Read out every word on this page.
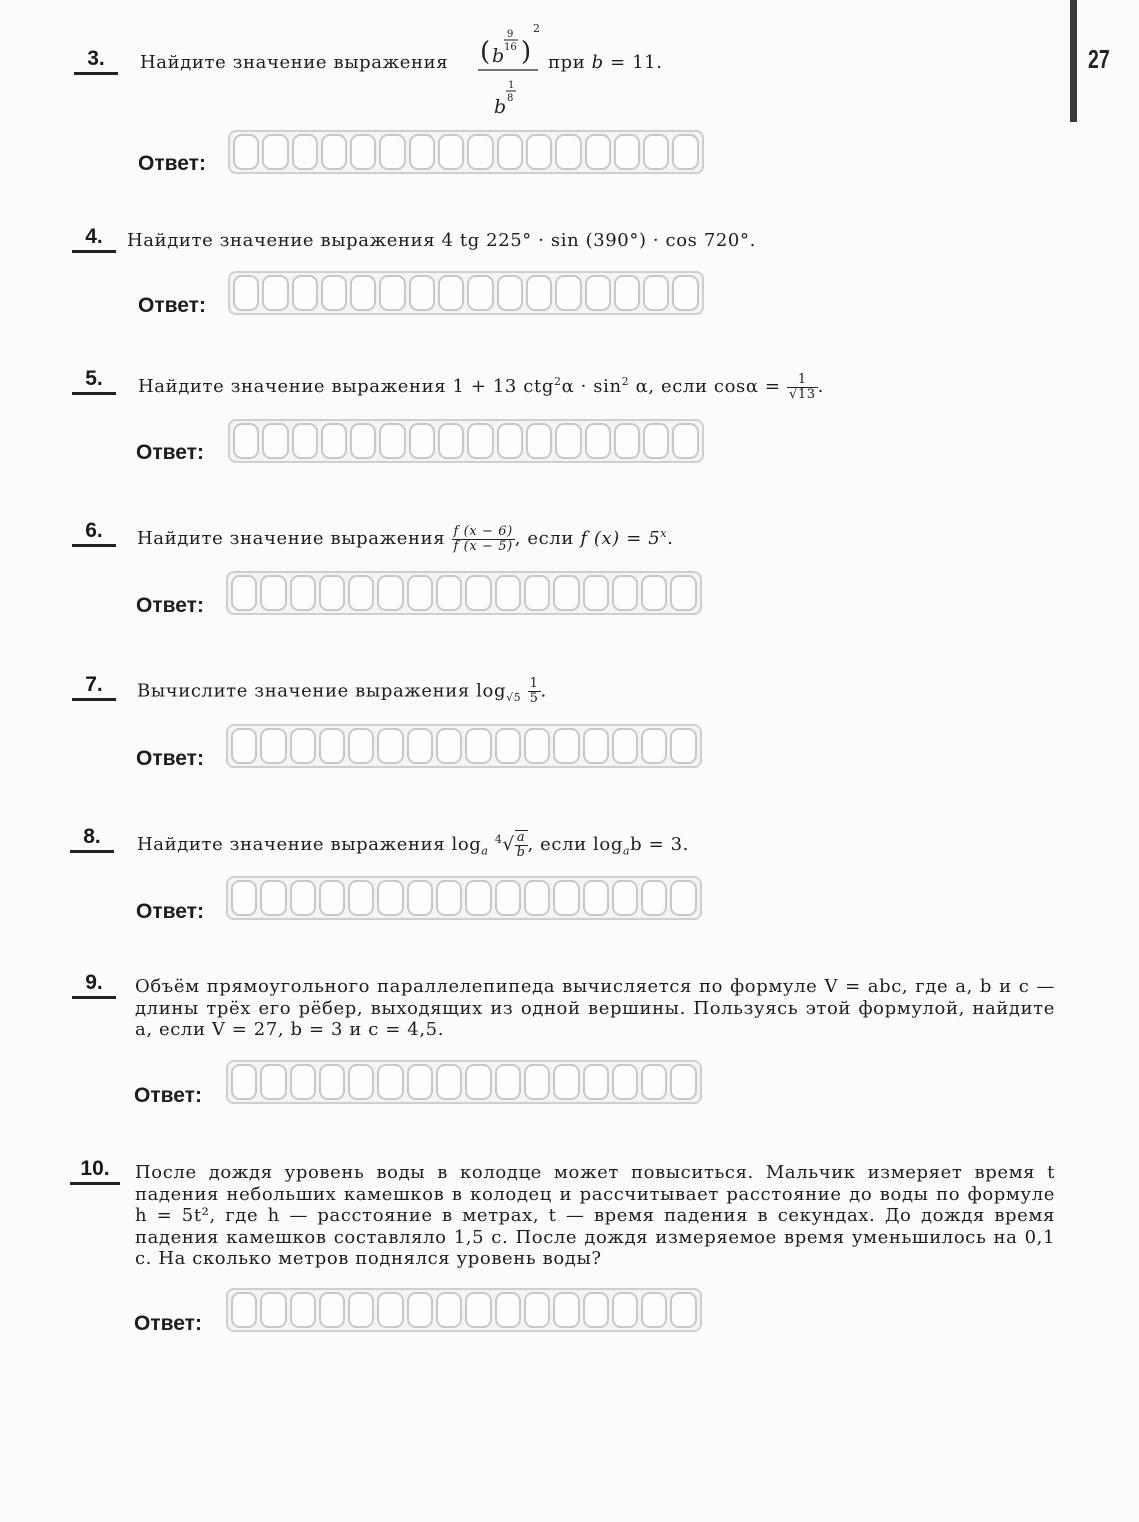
27
3.	Найдите значение выражения ( b
9
16 )
2
b
1
8
при b = 11.
Ответ:
4.	Найдите значение выражения 4 tg 225° · sin (390°) · cos 720°.
Ответ:
5.	Найдите значение выражения 1 + 13 $ctg^2\alpha \cdot \sin^2 \alpha$, если $\cos\alpha = \frac{1}{√13}$ .
Ответ:
6.	Найдите значение выражения $\frac{f (x - 6)}{f (x - 5)}$ , если f $(x) = 5^x$.
Ответ:
7.	Вычислите значение выражения $\log_{√5} \frac{1}{5}$ .
Ответ:
8.	Найдите значение выражения $\log_a ^4√ \frac{a}{b}$ , если $\log_ab = 3$.
Ответ:
9.	Объём прямоугольного параллелепипеда вычисляется по формуле V = abc, где a, b и c — длины трёх его рёбер, выходящих из одной вершины. Пользуясь этой формулой, найдите a, если V = 27, b = 3 и c = 4,5.
Ответ:
10.	После дождя уровень воды в колодце может повыситься. Мальчик измеряет время t падения небольших камешков в колодец и рассчитывает расстояние до воды по формуле h = 5t², где h — расстояние в метрах, t — время падения в секундах. До дождя время падения камешков составляло 1,5 с. После дождя измеряемое время уменьшилось на 0,1 с. На сколько метров поднялся уровень воды?
Ответ:
